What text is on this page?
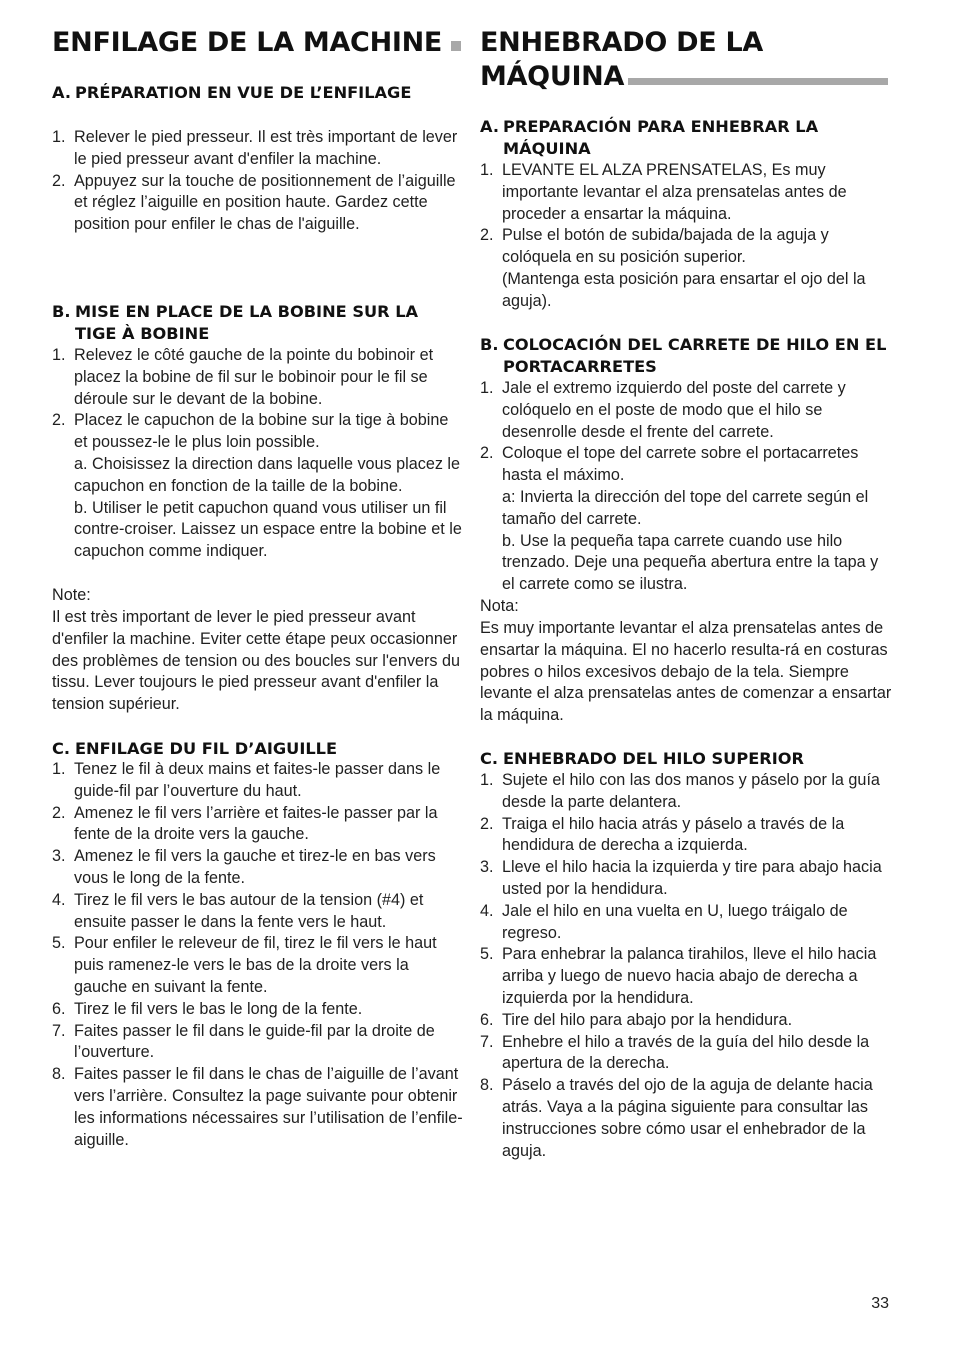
ENFILAGE DE LA MACHINE
A. PRÉPARATION EN VUE DE L’ENFILAGE
1. Relever le pied presseur. Il est très important de lever le pied presseur avant d'enfiler la machine.
2. Appuyez sur la touche de positionnement de l’aiguille et réglez l’aiguille en position haute. Gardez cette position pour enfiler le chas de l'aiguille.
B. MISE EN PLACE DE LA BOBINE SUR LA TIGE À BOBINE
1. Relevez le côté gauche de la pointe du bobinoir et placez la bobine de fil sur le bobinoir pour le fil se déroule sur le devant de la bobine.
2. Placez le capuchon de la bobine sur la tige à bobine et poussez-le le plus loin possible.
a. Choisissez la direction dans laquelle vous placez le capuchon en fonction de la taille de la bobine.
b. Utiliser le petit capuchon quand vous utiliser un fil contre-croiser. Laissez un espace entre la bobine et le capuchon comme indiquer.

Note:

Il est très important de lever le pied presseur avant d'enfiler la machine. Eviter cette étape peux occasionner des problèmes de tension ou des boucles sur l'envers du tissu. Lever toujours le pied presseur avant d'enfiler la tension supérieur.

C. ENFILAGE DU FIL D’AIGUILLE
1. Tenez le fil à deux mains et faites-le passer dans le guide-fil par l’ouverture du haut.
2. Amenez le fil vers l’arrière et faites-le passer par la fente de la droite vers la gauche.
3. Amenez le fil vers la gauche et tirez-le en bas vers vous le long de la fente.
4. Tirez le fil vers le bas autour de la tension (#4) et ensuite passer le dans la fente vers le haut.
5. Pour enfiler le releveur de fil, tirez le fil vers le haut puis ramenez-le vers le bas de la droite vers la gauche en suivant la fente.
6. Tirez le fil vers le bas le long de la fente.
7. Faites passer le fil dans le guide-fil par la droite de l’ouverture.
8. Faites passer le fil dans le chas de l’aiguille de l’avant vers l’arrière. Consultez la page suivante pour obtenir les informations nécessaires sur l’utilisation de l’enfile-aiguille.
ENHEBRADO DE LA
MÁQUINA
A. PREPARACIÓN PARA ENHEBRAR LA MÁQUINA
1. LEVANTE EL ALZA PRENSATELAS, Es muy importante levantar el alza prensatelas antes de proceder a ensartar la máquina.
2. Pulse el botón de subida/bajada de la aguja y colóquela en su posición superior.
(Mantenga esta posición para ensartar el ojo del la aguja).
B. COLOCACIÓN DEL CARRETE DE HILO EN EL PORTACARRETES
1. Jale el extremo izquierdo del poste del carrete y colóquelo en el poste de modo que el hilo se desenrolle desde el frente del carrete.
2. Coloque el tope del carrete sobre el portacarretes hasta el máximo.
a: Invierta la dirección del tope del carrete según el tamaño del carrete.
b. Use la pequeña tapa carrete cuando use hilo trenzado. Deje una pequeña abertura entre la tapa y el carrete como se ilustra.

Nota:

Es muy importante levantar el alza prensatelas antes de ensartar la máquina. El no hacerlo resulta-rá en costuras pobres o hilos excesivos debajo de la tela. Siempre levante el alza prensatelas antes de comenzar a ensartar la máquina.

C. ENHEBRADO DEL HILO SUPERIOR
1. Sujete el hilo con las dos manos y páselo por la guía desde la parte delantera.
2. Traiga el hilo hacia atrás y páselo a través de la hendidura de derecha a izquierda.
3. Lleve el hilo hacia la izquierda y tire para abajo hacia usted por la hendidura.
4. Jale el hilo en una vuelta en U, luego tráigalo de regreso.
5. Para enhebrar la palanca tirahilos, lleve el hilo hacia arriba y luego de nuevo hacia abajo de derecha a izquierda por la hendidura.
6. Tire del hilo para abajo por la hendidura.
7. Enhebre el hilo a través de la guía del hilo desde la apertura de la derecha.
8. Páselo a través del ojo de la aguja de delante hacia atrás. Vaya a la página siguiente para consultar las instrucciones sobre cómo usar el enhebrador de la aguja.
33
